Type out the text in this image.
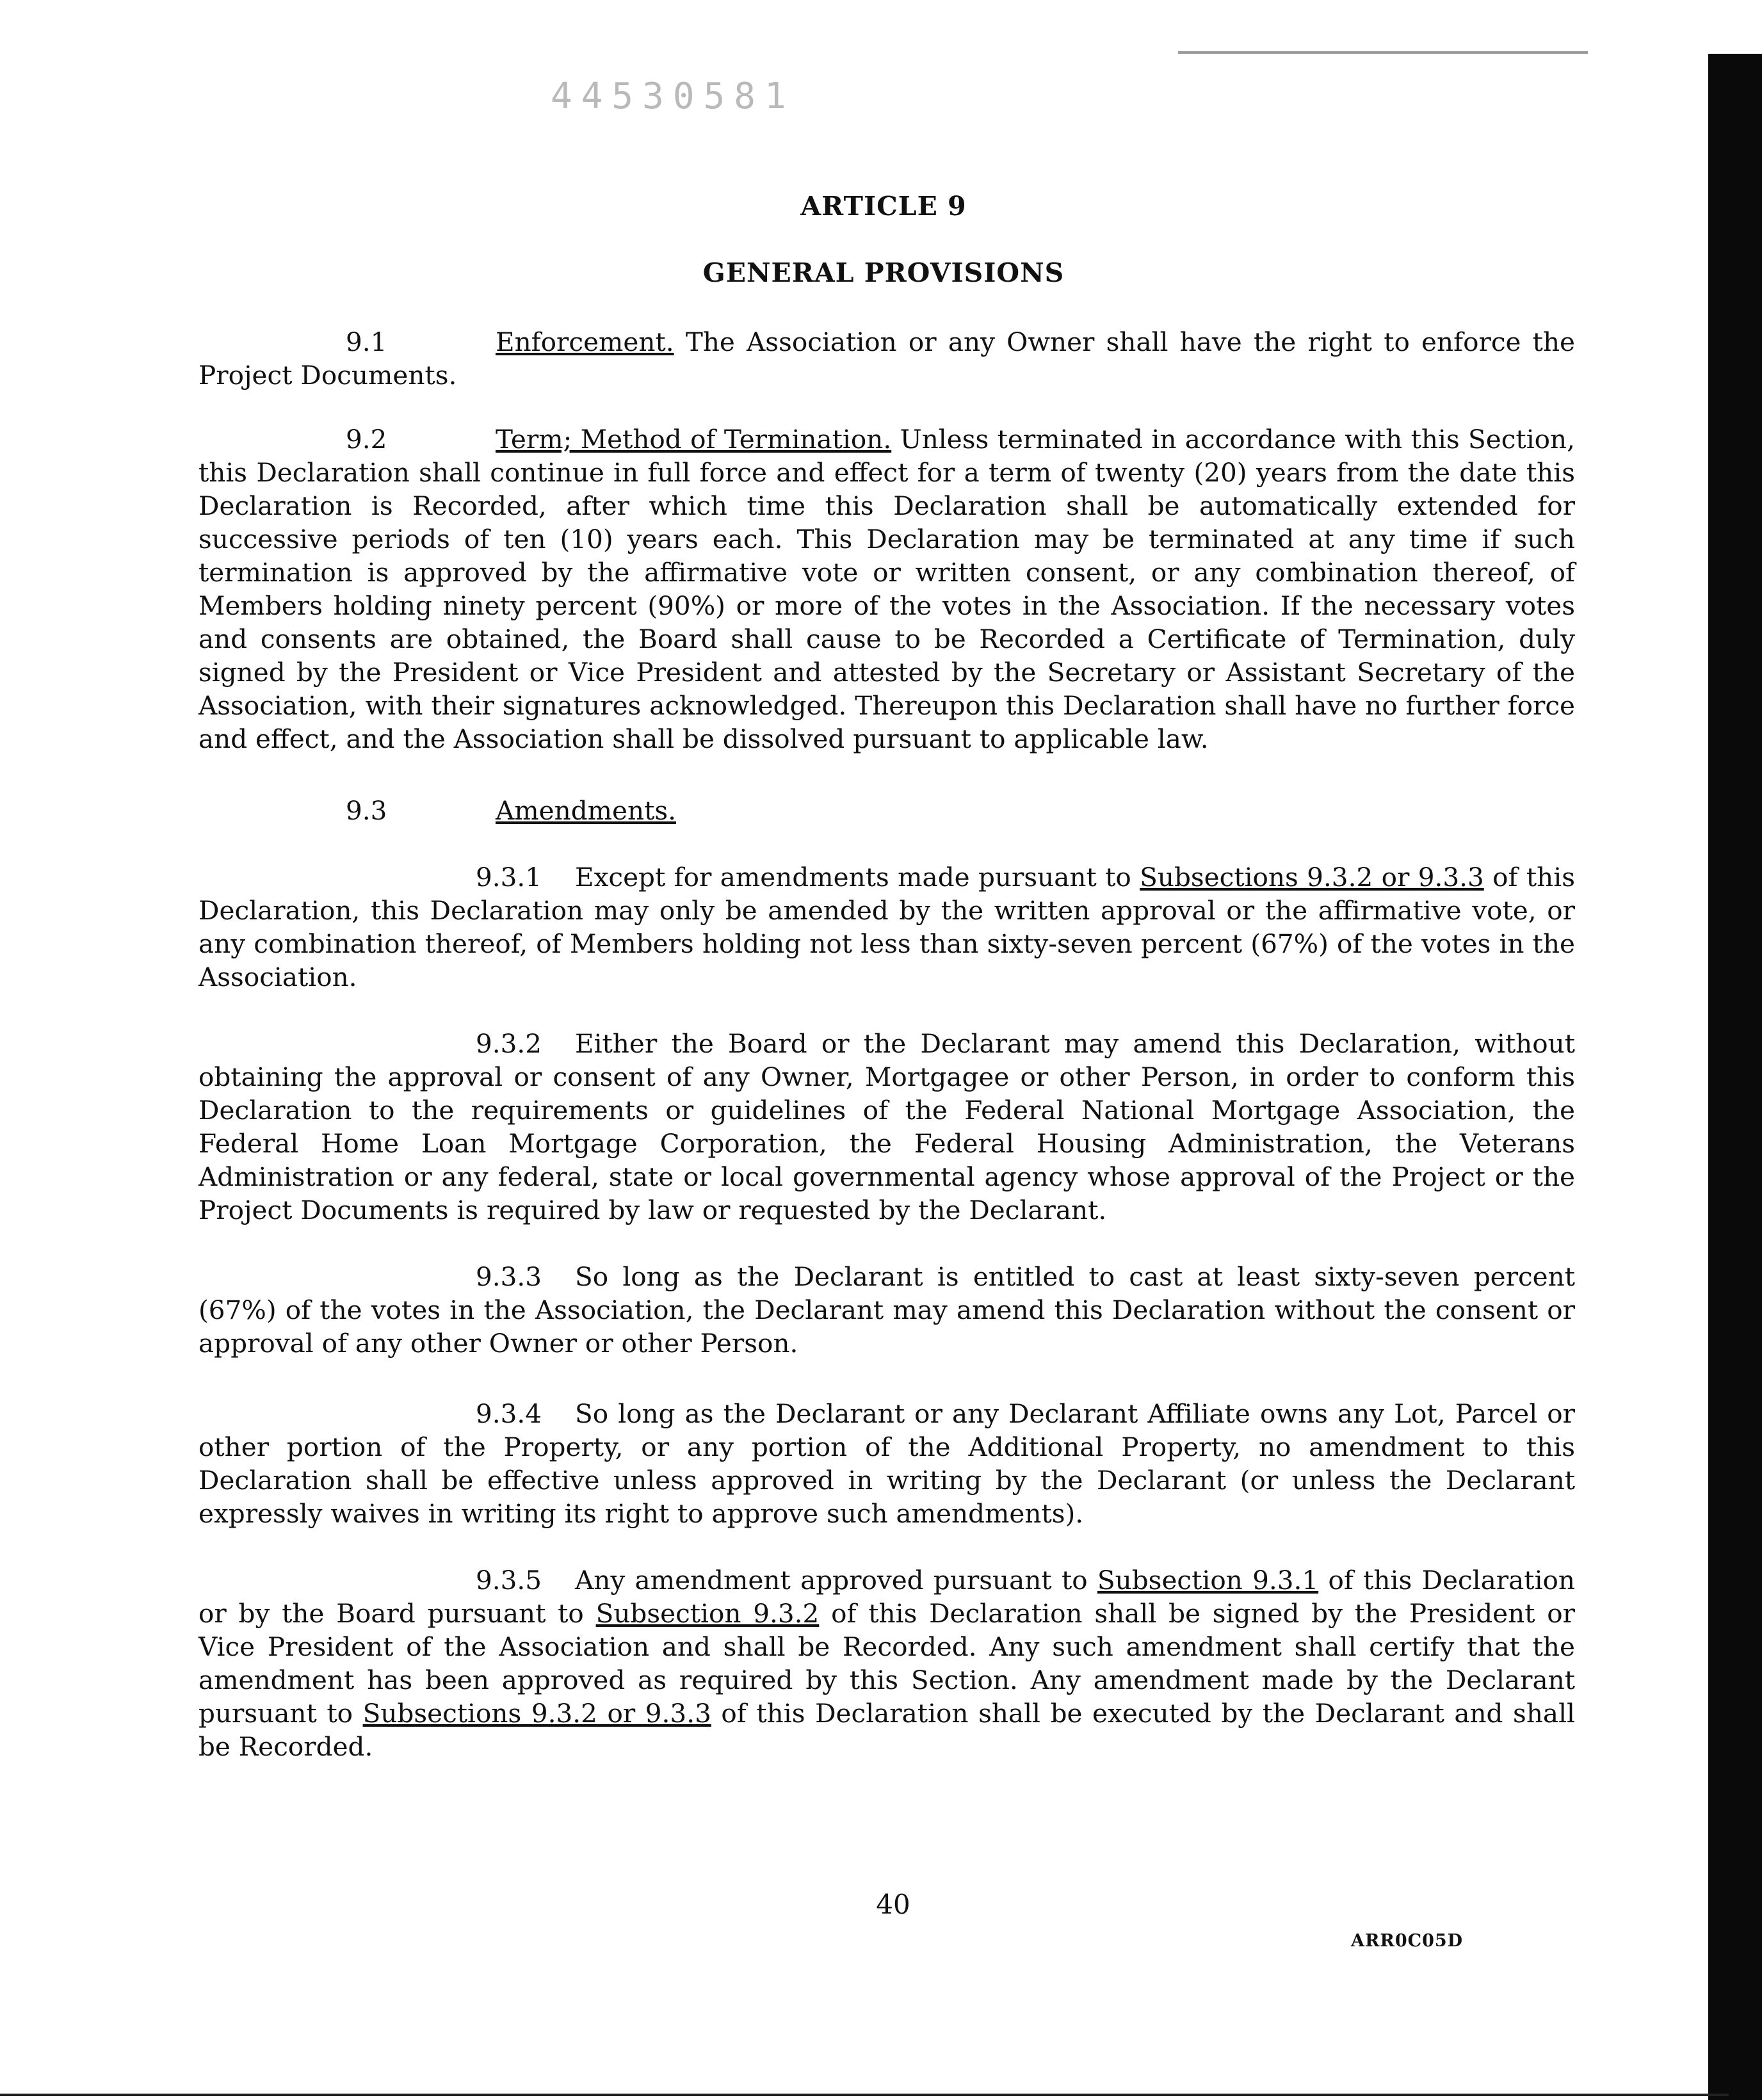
44530581
ARTICLE 9
GENERAL PROVISIONS

9.1	Enforcement. The Association or any Owner shall have the right to enforce the Project Documents.

9.2	Term; Method of Termination. Unless terminated in accordance with this Section, this Declaration shall continue in full force and effect for a term of twenty (20) years from the date this Declaration is Recorded, after which time this Declaration shall be automatically extended for successive periods of ten (10) years each. This Declaration may be terminated at any time if such termination is approved by the affirmative vote or written consent, or any combination thereof, of Members holding ninety percent (90%) or more of the votes in the Association. If the necessary votes and consents are obtained, the Board shall cause to be Recorded a Certificate of Termination, duly signed by the President or Vice President and attested by the Secretary or Assistant Secretary of the Association, with their signatures acknowledged. Thereupon this Declaration shall have no further force and effect, and the Association shall be dissolved pursuant to applicable law.

9.3	Amendments.

9.3.1 Except for amendments made pursuant to Subsections 9.3.2 or 9.3.3 of this Declaration, this Declaration may only be amended by the written approval or the affirmative vote, or any combination thereof, of Members holding not less than sixty-seven percent (67%) of the votes in the Association.

9.3.2 Either the Board or the Declarant may amend this Declaration, without obtaining the approval or consent of any Owner, Mortgagee or other Person, in order to conform this Declaration to the requirements or guidelines of the Federal National Mortgage Association, the Federal Home Loan Mortgage Corporation, the Federal Housing Administration, the Veterans Administration or any federal, state or local governmental agency whose approval of the Project or the Project Documents is required by law or requested by the Declarant.

9.3.3 So long as the Declarant is entitled to cast at least sixty-seven percent (67%) of the votes in the Association, the Declarant may amend this Declaration without the consent or approval of any other Owner or other Person.

9.3.4 So long as the Declarant or any Declarant Affiliate owns any Lot, Parcel or other portion of the Property, or any portion of the Additional Property, no amendment to this Declaration shall be effective unless approved in writing by the Declarant (or unless the Declarant expressly waives in writing its right to approve such amendments).

9.3.5 Any amendment approved pursuant to Subsection 9.3.1 of this Declaration or by the Board pursuant to Subsection 9.3.2 of this Declaration shall be signed by the President or Vice President of the Association and shall be Recorded. Any such amendment shall certify that the amendment has been approved as required by this Section. Any amendment made by the Declarant pursuant to Subsections 9.3.2 or 9.3.3 of this Declaration shall be executed by the Declarant and shall be Recorded.

40
ARR0C05D
